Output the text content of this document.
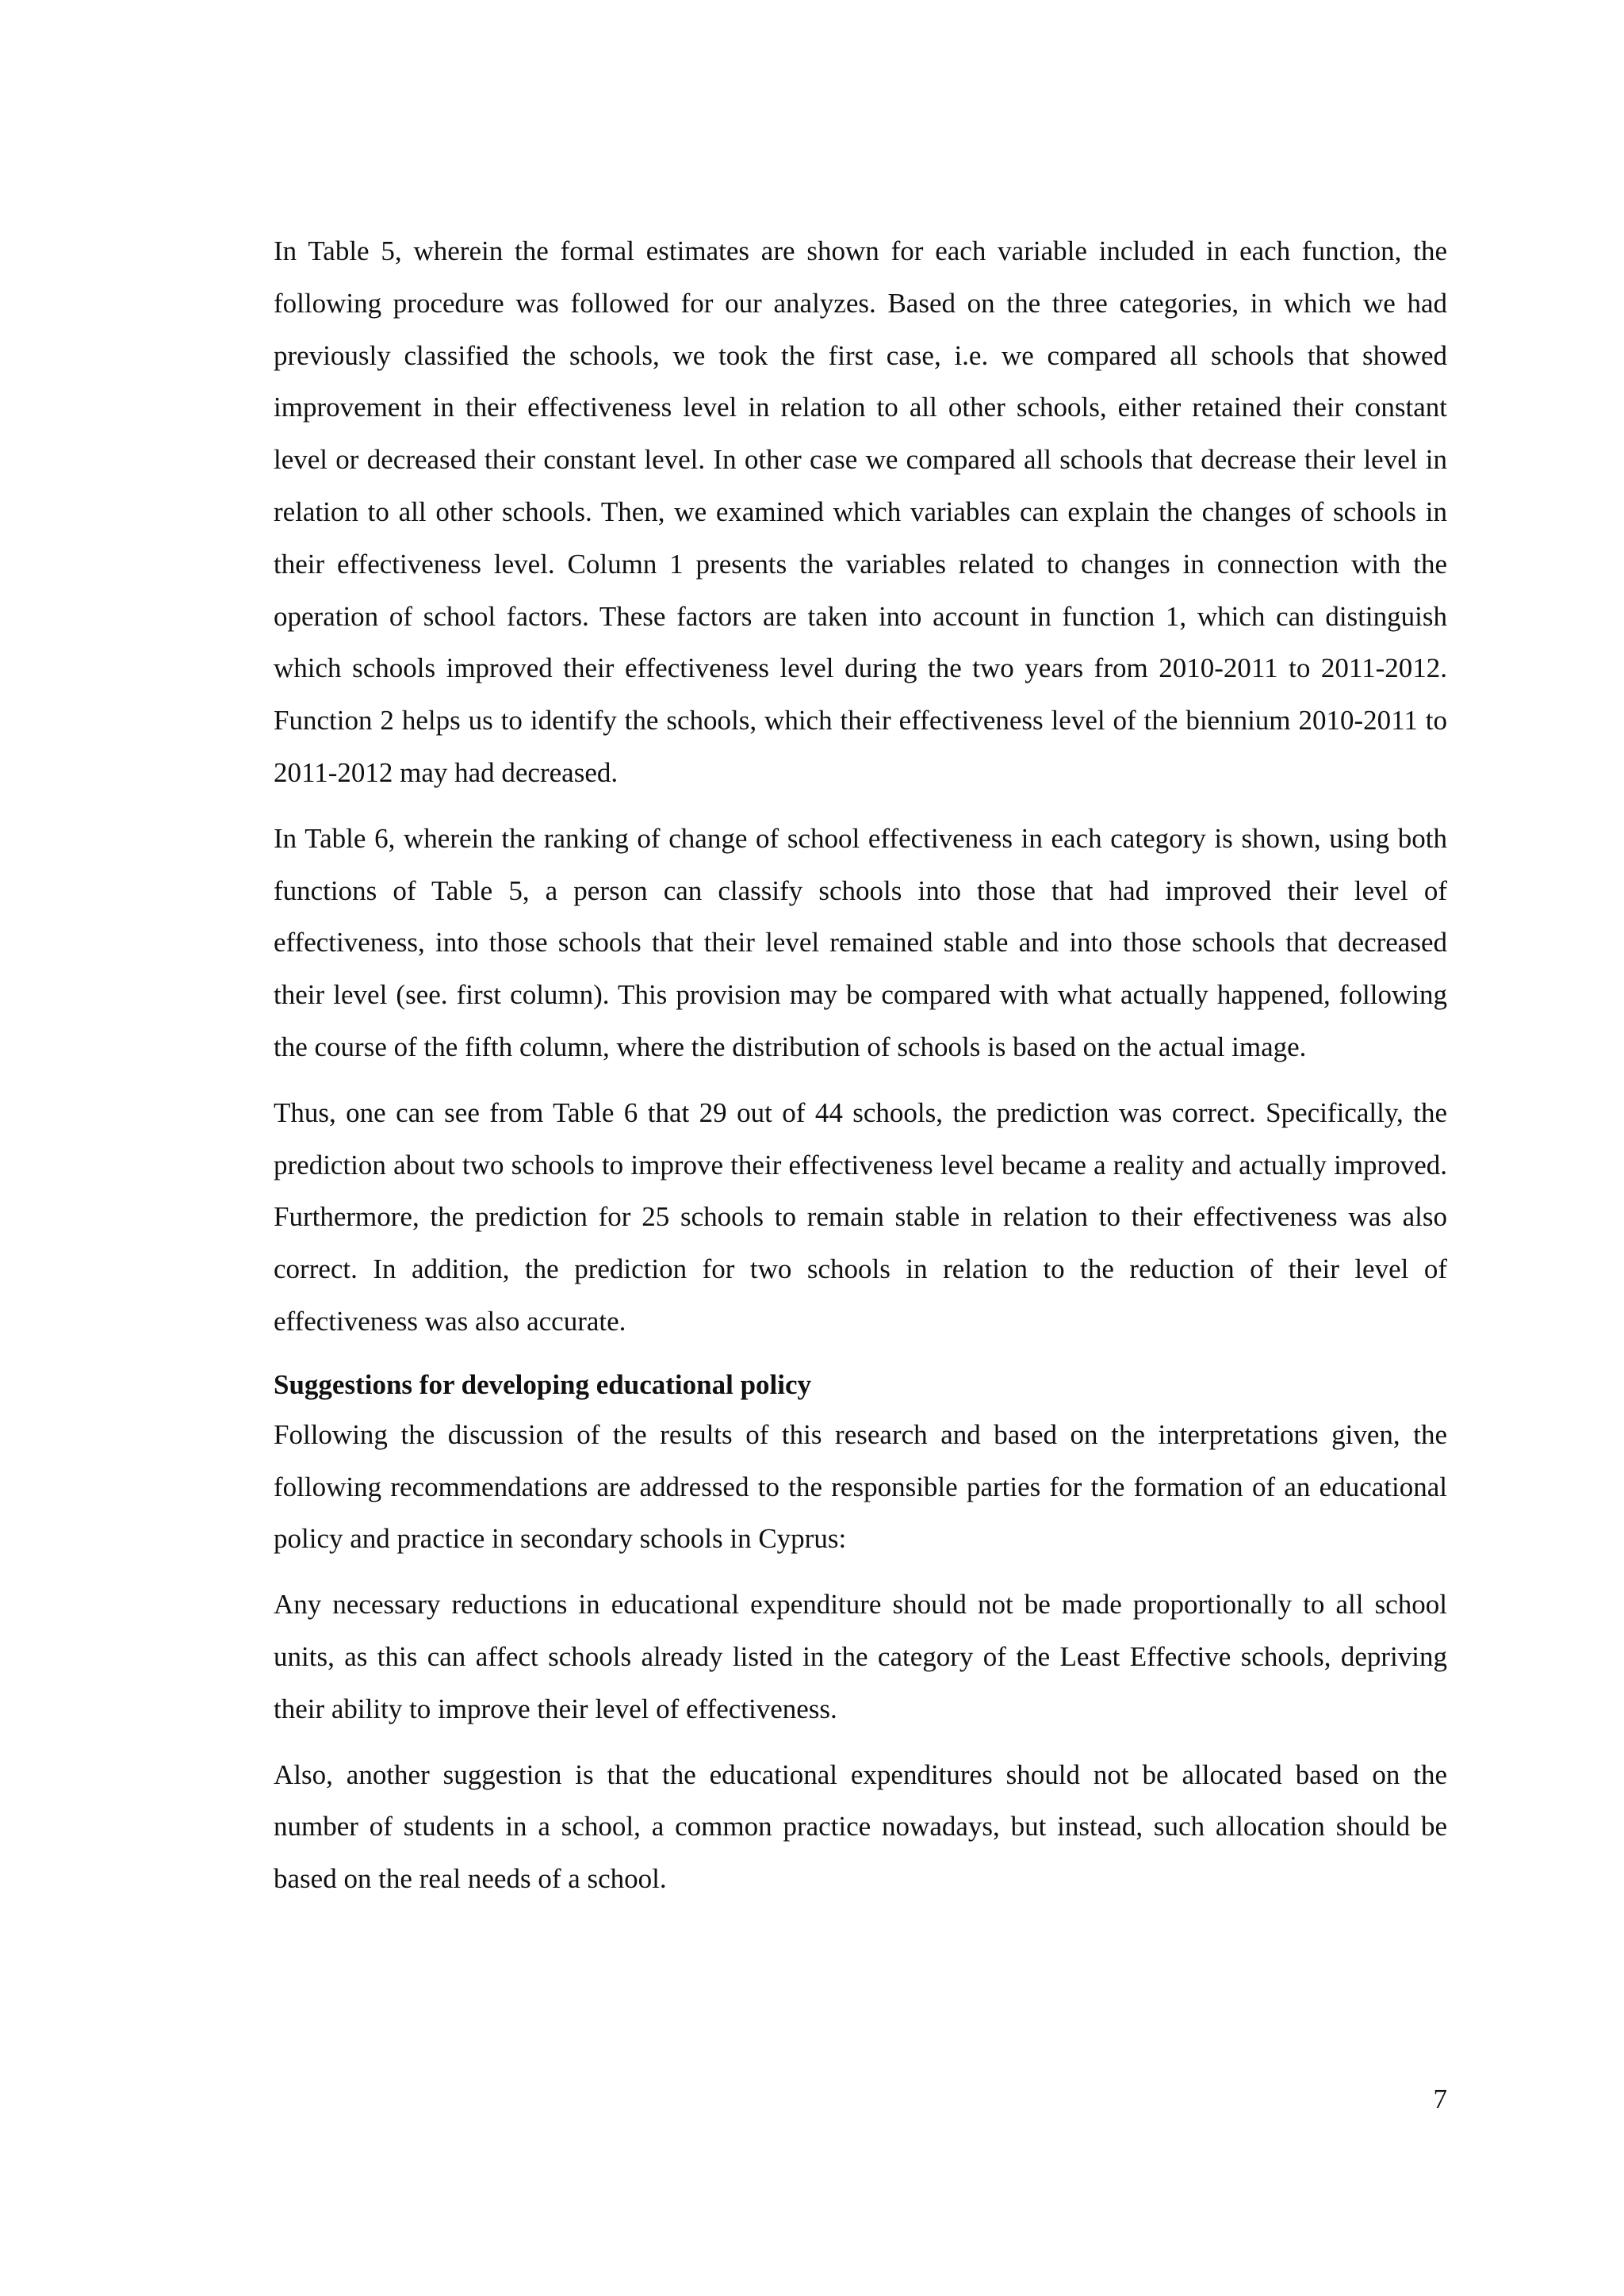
In Table 5, wherein the formal estimates are shown for each variable included in each function, the following procedure was followed for our analyzes. Based on the three categories, in which we had previously classified the schools, we took the first case, i.e. we compared all schools that showed improvement in their effectiveness level in relation to all other schools, either retained their constant level or decreased their constant level. In other case we compared all schools that decrease their level in relation to all other schools. Then, we examined which variables can explain the changes of schools in their effectiveness level. Column 1 presents the variables related to changes in connection with the operation of school factors. These factors are taken into account in function 1, which can distinguish which schools improved their effectiveness level during the two years from 2010-2011 to 2011-2012. Function 2 helps us to identify the schools, which their effectiveness level of the biennium 2010-2011 to 2011-2012 may had decreased.

In Table 6, wherein the ranking of change of school effectiveness in each category is shown, using both functions of Table 5, a person can classify schools into those that had improved their level of effectiveness, into those schools that their level remained stable and into those schools that decreased their level (see. first column). This provision may be compared with what actually happened, following the course of the fifth column, where the distribution of schools is based on the actual image.

Thus, one can see from Table 6 that 29 out of 44 schools, the prediction was correct. Specifically, the prediction about two schools to improve their effectiveness level became a reality and actually improved. Furthermore, the prediction for 25 schools to remain stable in relation to their effectiveness was also correct. In addition, the prediction for two schools in relation to the reduction of their level of effectiveness was also accurate.

Suggestions for developing educational policy

Following the discussion of the results of this research and based on the interpretations given, the following recommendations are addressed to the responsible parties for the formation of an educational policy and practice in secondary schools in Cyprus:

Any necessary reductions in educational expenditure should not be made proportionally to all school units, as this can affect schools already listed in the category of the Least Effective schools, depriving their ability to improve their level of effectiveness.

Also, another suggestion is that the educational expenditures should not be allocated based on the number of students in a school, a common practice nowadays, but instead, such allocation should be based on the real needs of a school.

7
